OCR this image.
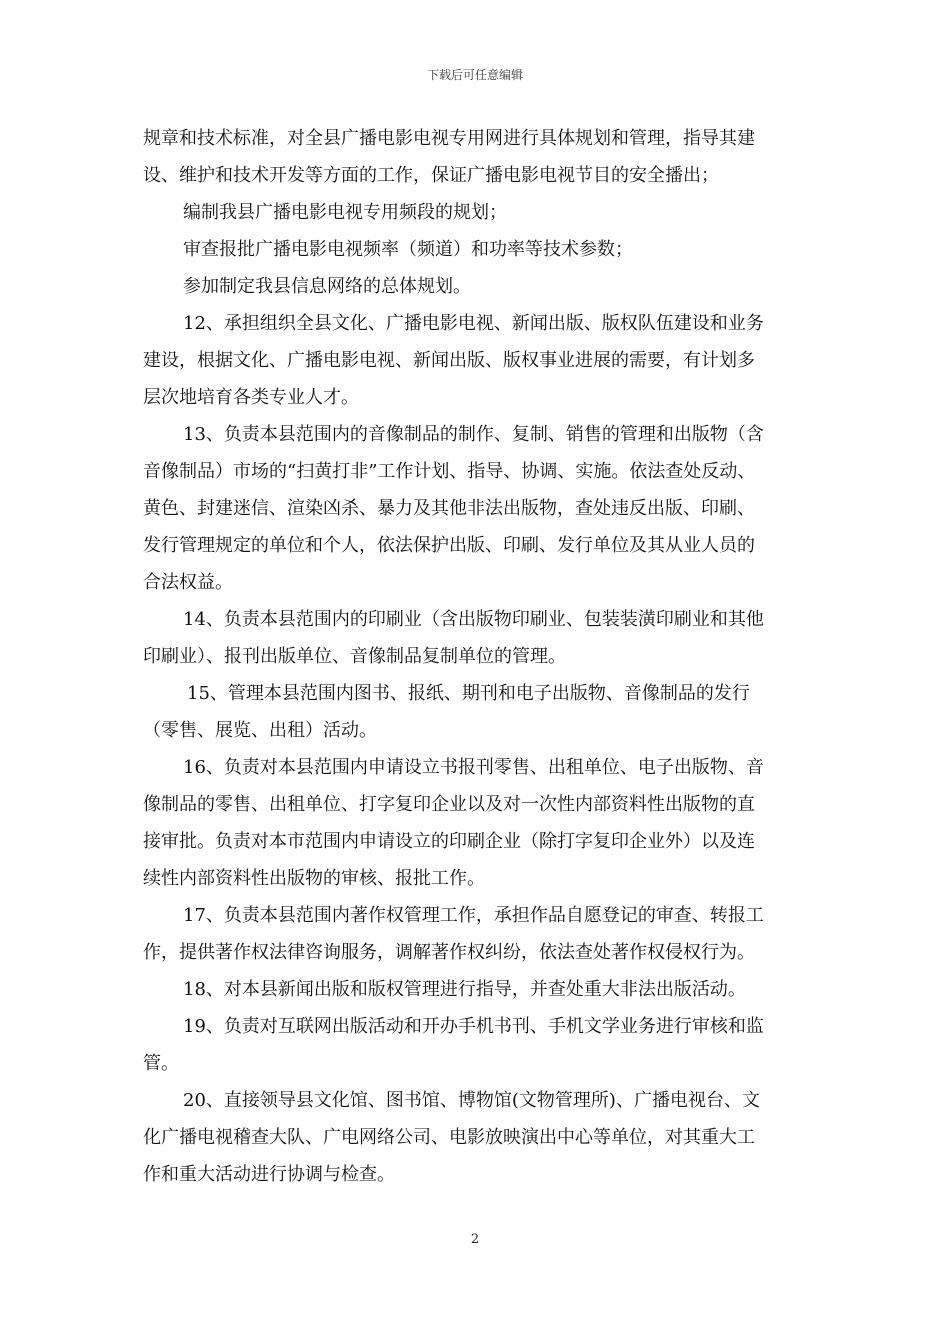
下载后可任意编辑
规章和技术标准，对全县广播电影电视专用网进行具体规划和管理，指导其建
设、维护和技术开发等方面的工作，保证广播电影电视节目的安全播出；
编制我县广播电影电视专用频段的规划；
审查报批广播电影电视频率（频道）和功率等技术参数；
参加制定我县信息网络的总体规划。
12、承担组织全县文化、广播电影电视、新闻出版、版权队伍建设和业务
建设，根据文化、广播电影电视、新闻出版、版权事业进展的需要，有计划多
层次地培育各类专业人才。
13、负责本县范围内的音像制品的制作、复制、销售的管理和出版物（含
音像制品）市场的“扫黄打非”工作计划、指导、协调、实施。依法查处反动、
黄色、封建迷信、渲染凶杀、暴力及其他非法出版物，查处违反出版、印刷、
发行管理规定的单位和个人，依法保护出版、印刷、发行单位及其从业人员的
合法权益。
14、负责本县范围内的印刷业（含出版物印刷业、包装装潢印刷业和其他
印刷业）、报刊出版单位、音像制品复制单位的管理。
15、管理本县范围内图书、报纸、期刊和电子出版物、音像制品的发行
（零售、展览、出租）活动。
16、负责对本县范围内申请设立书报刊零售、出租单位、电子出版物、音
像制品的零售、出租单位、打字复印企业以及对一次性内部资料性出版物的直
接审批。负责对本市范围内申请设立的印刷企业（除打字复印企业外）以及连
续性内部资料性出版物的审核、报批工作。
17、负责本县范围内著作权管理工作，承担作品自愿登记的审查、转报工
作，提供著作权法律咨询服务，调解著作权纠纷，依法查处著作权侵权行为。
18、对本县新闻出版和版权管理进行指导，并查处重大非法出版活动。
19、负责对互联网出版活动和开办手机书刊、手机文学业务进行审核和监
管。
20、直接领导县文化馆、图书馆、博物馆(文物管理所)、广播电视台、文
化广播电视稽查大队、广电网络公司、电影放映演出中心等单位，对其重大工
作和重大活动进行协调与检查。
2
